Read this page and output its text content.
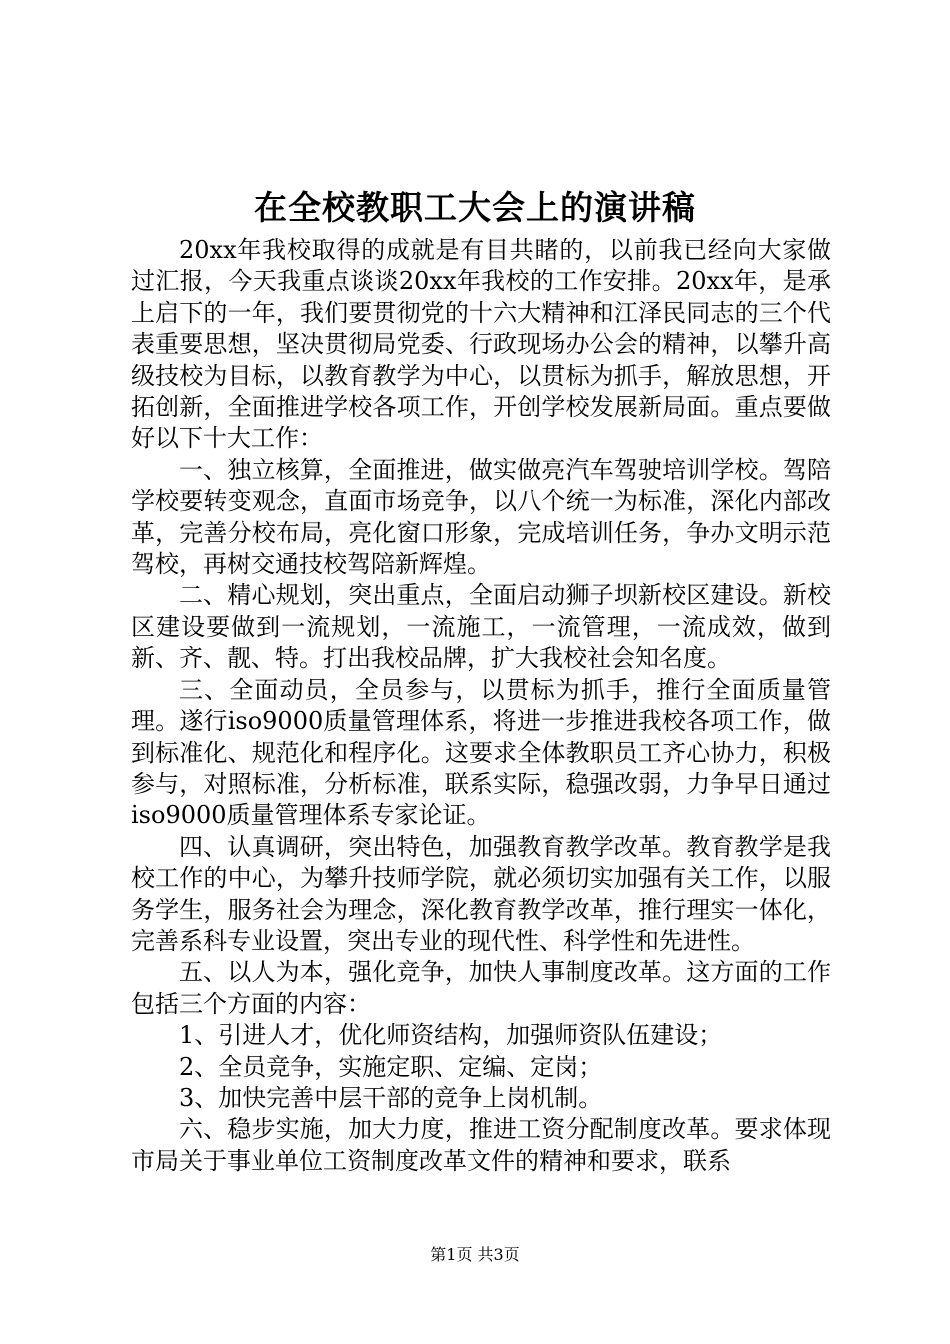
在全校教职工大会上的演讲稿

20xx年我校取得的成就是有目共睹的，以前我已经向大家做过汇报，今天我重点谈谈20xx年我校的工作安排。20xx年，是承上启下的一年，我们要贯彻党的十六大精神和江泽民同志的三个代表重要思想，坚决贯彻局党委、行政现场办公会的精神，以攀升高级技校为目标，以教育教学为中心，以贯标为抓手，解放思想，开拓创新，全面推进学校各项工作，开创学校发展新局面。重点要做好以下十大工作：

一、独立核算，全面推进，做实做亮汽车驾驶培训学校。驾陪学校要转变观念，直面市场竞争，以八个统一为标准，深化内部改革，完善分校布局，亮化窗口形象，完成培训任务，争办文明示范驾校，再树交通技校驾陪新辉煌。

二、精心规划，突出重点，全面启动狮子坝新校区建设。新校区建设要做到一流规划，一流施工，一流管理，一流成效，做到新、齐、靓、特。打出我校品牌，扩大我校社会知名度。

三、全面动员，全员参与，以贯标为抓手，推行全面质量管理。遂行iso9000质量管理体系，将进一步推进我校各项工作，做到标准化、规范化和程序化。这要求全体教职员工齐心协力，积极参与，对照标准，分析标准，联系实际，稳强改弱，力争早日通过iso9000质量管理体系专家论证。

四、认真调研，突出特色，加强教育教学改革。教育教学是我校工作的中心，为攀升技师学院，就必须切实加强有关工作，以服务学生，服务社会为理念，深化教育教学改革，推行理实一体化，完善系科专业设置，突出专业的现代性、科学性和先进性。

五、以人为本，强化竞争，加快人事制度改革。这方面的工作包括三个方面的内容：

1、引进人才，优化师资结构，加强师资队伍建设；

2、全员竞争，实施定职、定编、定岗；

3、加快完善中层干部的竞争上岗机制。

六、稳步实施，加大力度，推进工资分配制度改革。要求体现市局关于事业单位工资制度改革文件的精神和要求，联系

第1页 共3页
